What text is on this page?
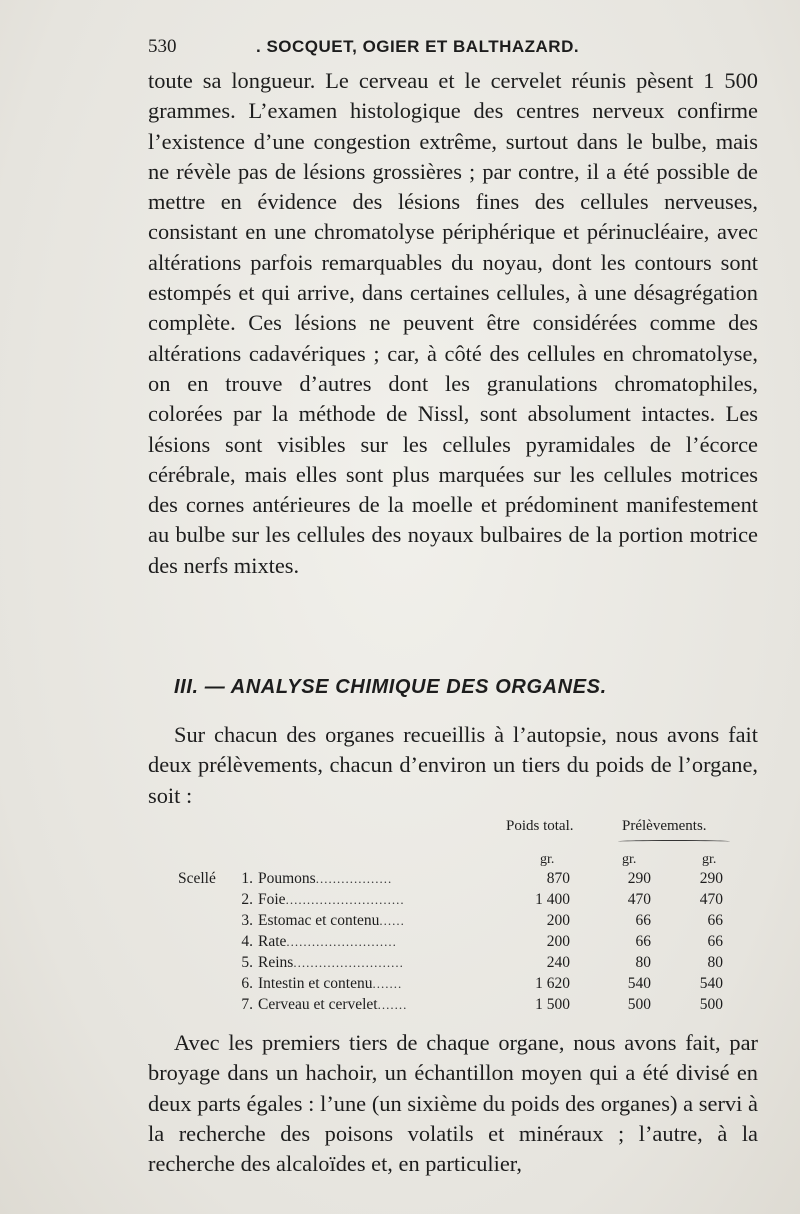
530	. SOCQUET, OGIER ET BALTHAZARD.

toute sa longueur. Le cerveau et le cervelet réunis pèsent 1 500 grammes. L’examen histologique des centres nerveux confirme l’existence d’une congestion extrême, surtout dans le bulbe, mais ne révèle pas de lésions grossières ; par contre, il a été possible de mettre en évidence des lésions fines des cellules nerveuses, consistant en une chromatolyse périphérique et périnucléaire, avec altérations parfois remarquables du noyau, dont les contours sont estompés et qui arrive, dans certaines cellules, à une désagrégation complète. Ces lésions ne peuvent être considérées comme des altérations cadavériques ; car, à côté des cellules en chromatolyse, on en trouve d’autres dont les granulations chromatophiles, colorées par la méthode de Nissl, sont absolument intactes. Les lésions sont visibles sur les cellules pyramidales de l’écorce cérébrale, mais elles sont plus marquées sur les cellules motrices des cornes antérieures de la moelle et prédominent manifestement au bulbe sur les cellules des noyaux bulbaires de la portion motrice des nerfs mixtes.

III. — ANALYSE CHIMIQUE DES ORGANES.

Sur chacun des organes recueillis à l’autopsie, nous avons fait deux prélèvements, chacun d’environ un tiers du poids de l’organe, soit :

Poids total.	Prélèvements.
gr.	gr.	gr.
Scellé	1. Poumons..................	870	290	290
2. Foie............................	1 400	470	470
3. Estomac et contenu......	200	66	66
4. Rate..........................	200	66	66
5. Reins..........................	240	80	80
6. Intestin et contenu.......	1 620	540	540
7. Cerveau et cervelet.......	1 500	500	500

Avec les premiers tiers de chaque organe, nous avons fait, par broyage dans un hachoir, un échantillon moyen qui a été divisé en deux parts égales : l’une (un sixième du poids des organes) a servi à la recherche des poisons volatils et minéraux ; l’autre, à la recherche des alcaloïdes et, en particulier,
